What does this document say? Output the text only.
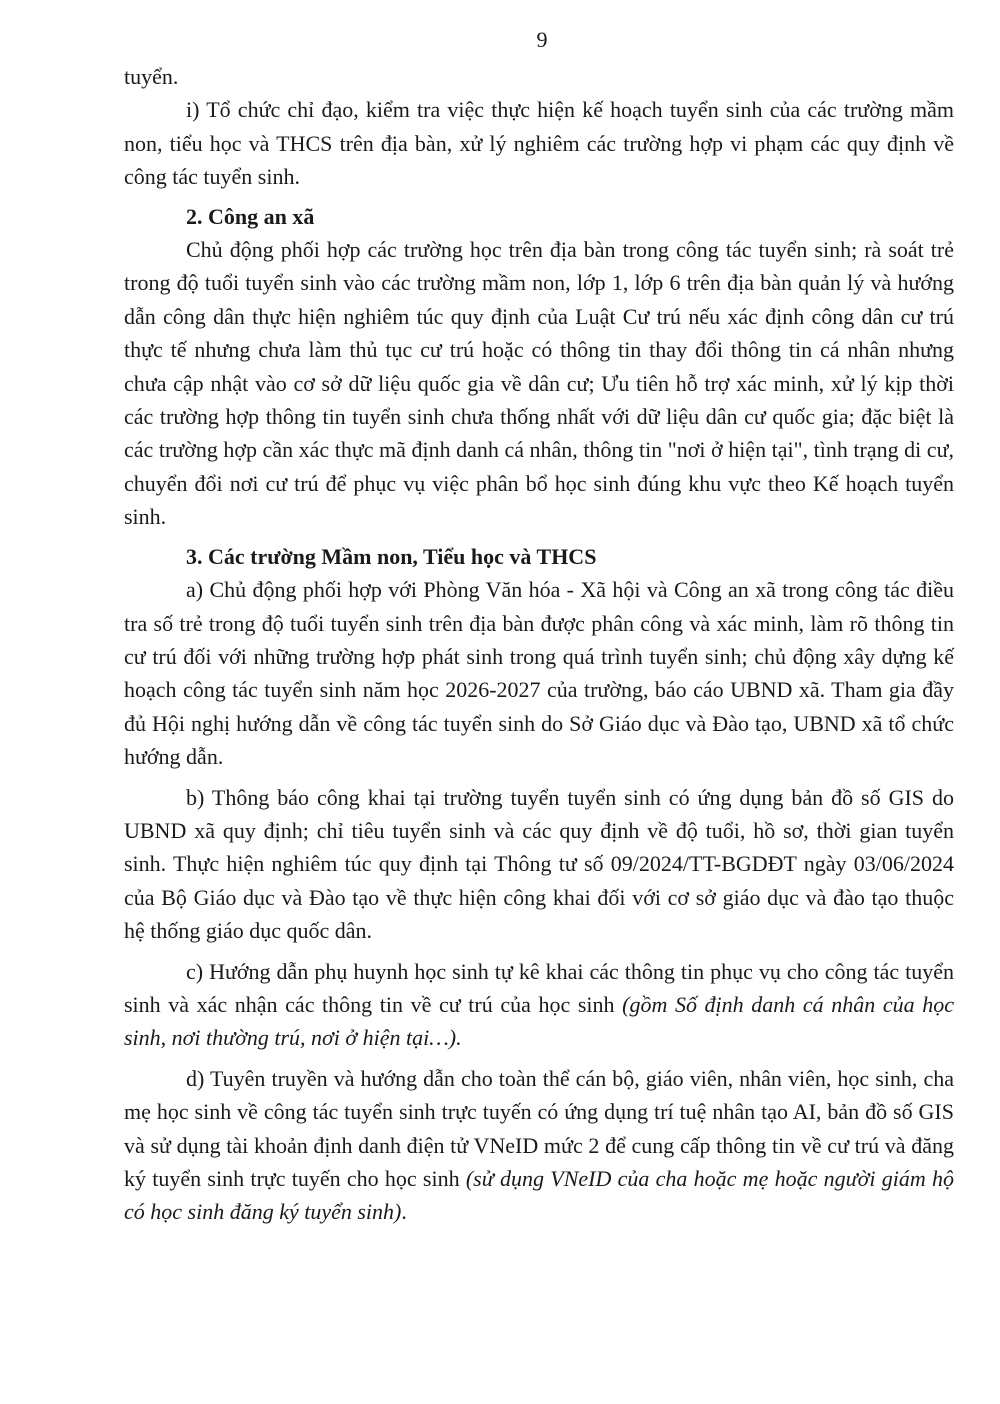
9

tuyển.

i) Tổ chức chỉ đạo, kiểm tra việc thực hiện kế hoạch tuyển sinh của các trường mầm non, tiểu học và THCS trên địa bàn, xử lý nghiêm các trường hợp vi phạm các quy định về công tác tuyển sinh.

2. Công an xã

Chủ động phối hợp các trường học trên địa bàn trong công tác tuyển sinh; rà soát trẻ trong độ tuổi tuyển sinh vào các trường mầm non, lớp 1, lớp 6 trên địa bàn quản lý và hướng dẫn công dân thực hiện nghiêm túc quy định của Luật Cư trú nếu xác định công dân cư trú thực tế nhưng chưa làm thủ tục cư trú hoặc có thông tin thay đổi thông tin cá nhân nhưng chưa cập nhật vào cơ sở dữ liệu quốc gia về dân cư; Ưu tiên hỗ trợ xác minh, xử lý kịp thời các trường hợp thông tin tuyển sinh chưa thống nhất với dữ liệu dân cư quốc gia; đặc biệt là các trường hợp cần xác thực mã định danh cá nhân, thông tin "nơi ở hiện tại", tình trạng di cư, chuyển đổi nơi cư trú để phục vụ việc phân bổ học sinh đúng khu vực theo Kế hoạch tuyển sinh.

3. Các trường Mầm non, Tiểu học và THCS

a) Chủ động phối hợp với Phòng Văn hóa - Xã hội và Công an xã trong công tác điều tra số trẻ trong độ tuổi tuyển sinh trên địa bàn được phân công và xác minh, làm rõ thông tin cư trú đối với những trường hợp phát sinh trong quá trình tuyển sinh; chủ động xây dựng kế hoạch công tác tuyển sinh năm học 2026-2027 của trường, báo cáo UBND xã. Tham gia đầy đủ Hội nghị hướng dẫn về công tác tuyển sinh do Sở Giáo dục và Đào tạo, UBND xã tổ chức hướng dẫn.

b) Thông báo công khai tại trường tuyển tuyển sinh có ứng dụng bản đồ số GIS do UBND xã quy định; chỉ tiêu tuyển sinh và các quy định về độ tuổi, hồ sơ, thời gian tuyển sinh. Thực hiện nghiêm túc quy định tại Thông tư số 09/2024/TT-BGDĐT ngày 03/06/2024 của Bộ Giáo dục và Đào tạo về thực hiện công khai đối với cơ sở giáo dục và đào tạo thuộc hệ thống giáo dục quốc dân.

c) Hướng dẫn phụ huynh học sinh tự kê khai các thông tin phục vụ cho công tác tuyển sinh và xác nhận các thông tin về cư trú của học sinh (gồm Số định danh cá nhân của học sinh, nơi thường trú, nơi ở hiện tại…).

d) Tuyên truyền và hướng dẫn cho toàn thể cán bộ, giáo viên, nhân viên, học sinh, cha mẹ học sinh về công tác tuyển sinh trực tuyến có ứng dụng trí tuệ nhân tạo AI, bản đồ số GIS và sử dụng tài khoản định danh điện tử VNeID mức 2 để cung cấp thông tin về cư trú và đăng ký tuyển sinh trực tuyến cho học sinh (sử dụng VNeID của cha hoặc mẹ hoặc người giám hộ có học sinh đăng ký tuyển sinh).
